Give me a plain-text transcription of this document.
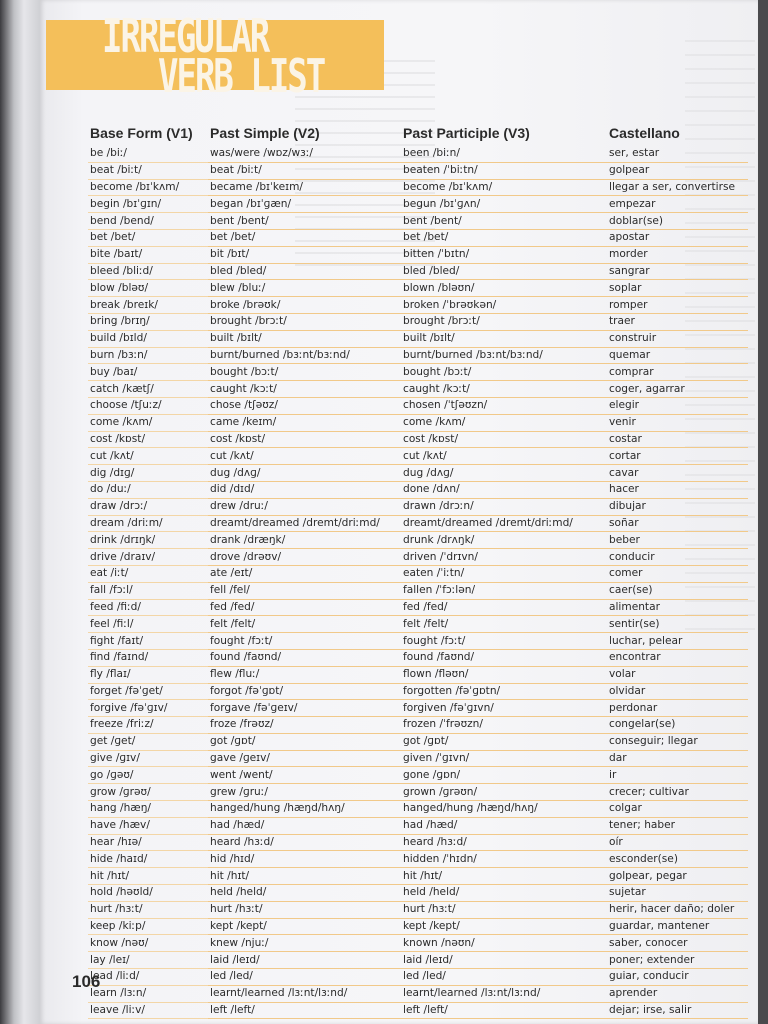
IRREGULAR
VERB LIST
Base Form (V1)	Past Simple (V2)	Past Participle (V3)	Castellano
be /biː/	was/were /wɒz/wɜː/	been /biːn/	ser, estar
beat /biːt/	beat /biːt/	beaten /ˈbiːtn/	golpear
become /bɪˈkʌm/	became /bɪˈkeɪm/	become /bɪˈkʌm/	llegar a ser, convertirse
begin /bɪˈɡɪn/	began /bɪˈɡæn/	begun /bɪˈɡʌn/	empezar
bend /bend/	bent /bent/	bent /bent/	doblar(se)
bet /bet/	bet /bet/	bet /bet/	apostar
bite /baɪt/	bit /bɪt/	bitten /ˈbɪtn/	morder
bleed /bliːd/	bled /bled/	bled /bled/	sangrar
blow /bləʊ/	blew /bluː/	blown /bləʊn/	soplar
break /breɪk/	broke /brəʊk/	broken /ˈbrəʊkən/	romper
bring /brɪŋ/	brought /brɔːt/	brought /brɔːt/	traer
build /bɪld/	built /bɪlt/	built /bɪlt/	construir
burn /bɜːn/	burnt/burned /bɜːnt/bɜːnd/	burnt/burned /bɜːnt/bɜːnd/	quemar
buy /baɪ/	bought /bɔːt/	bought /bɔːt/	comprar
catch /kætʃ/	caught /kɔːt/	caught /kɔːt/	coger, agarrar
choose /tʃuːz/	chose /tʃəʊz/	chosen /ˈtʃəʊzn/	elegir
come /kʌm/	came /keɪm/	come /kʌm/	venir
cost /kɒst/	cost /kɒst/	cost /kɒst/	costar
cut /kʌt/	cut /kʌt/	cut /kʌt/	cortar
dig /dɪɡ/	dug /dʌɡ/	dug /dʌɡ/	cavar
do /duː/	did /dɪd/	done /dʌn/	hacer
draw /drɔː/	drew /druː/	drawn /drɔːn/	dibujar
dream /driːm/	dreamt/dreamed /dremt/driːmd/	dreamt/dreamed /dremt/driːmd/	soñar
drink /drɪŋk/	drank /dræŋk/	drunk /drʌŋk/	beber
drive /draɪv/	drove /drəʊv/	driven /ˈdrɪvn/	conducir
eat /iːt/	ate /eɪt/	eaten /ˈiːtn/	comer
fall /fɔːl/	fell /fel/	fallen /ˈfɔːlən/	caer(se)
feed /fiːd/	fed /fed/	fed /fed/	alimentar
feel /fiːl/	felt /felt/	felt /felt/	sentir(se)
fight /faɪt/	fought /fɔːt/	fought /fɔːt/	luchar, pelear
find /faɪnd/	found /faʊnd/	found /faʊnd/	encontrar
fly /flaɪ/	flew /fluː/	flown /fləʊn/	volar
forget /fəˈɡet/	forgot /fəˈɡɒt/	forgotten /fəˈɡɒtn/	olvidar
forgive /fəˈɡɪv/	forgave /fəˈɡeɪv/	forgiven /fəˈɡɪvn/	perdonar
freeze /friːz/	froze /frəʊz/	frozen /ˈfrəʊzn/	congelar(se)
get /ɡet/	got /ɡɒt/	got /ɡɒt/	conseguir; llegar
give /ɡɪv/	gave /ɡeɪv/	given /ˈɡɪvn/	dar
go /ɡəʊ/	went /went/	gone /ɡɒn/	ir
grow /ɡrəʊ/	grew /ɡruː/	grown /ɡrəʊn/	crecer; cultivar
hang /hæŋ/	hanged/hung /hæŋd/hʌŋ/	hanged/hung /hæŋd/hʌŋ/	colgar
have /hæv/	had /hæd/	had /hæd/	tener; haber
hear /hɪə/	heard /hɜːd/	heard /hɜːd/	oír
hide /haɪd/	hid /hɪd/	hidden /ˈhɪdn/	esconder(se)
hit /hɪt/	hit /hɪt/	hit /hɪt/	golpear, pegar
hold /həʊld/	held /held/	held /held/	sujetar
hurt /hɜːt/	hurt /hɜːt/	hurt /hɜːt/	herir, hacer daño; doler
keep /kiːp/	kept /kept/	kept /kept/	guardar, mantener
know /nəʊ/	knew /njuː/	known /nəʊn/	saber, conocer
lay /leɪ/	laid /leɪd/	laid /leɪd/	poner; extender
lead /liːd/	led /led/	led /led/	guiar, conducir
learn /lɜːn/	learnt/learned /lɜːnt/lɜːnd/	learnt/learned /lɜːnt/lɜːnd/	aprender
leave /liːv/	left /left/	left /left/	dejar; irse, salir
106
